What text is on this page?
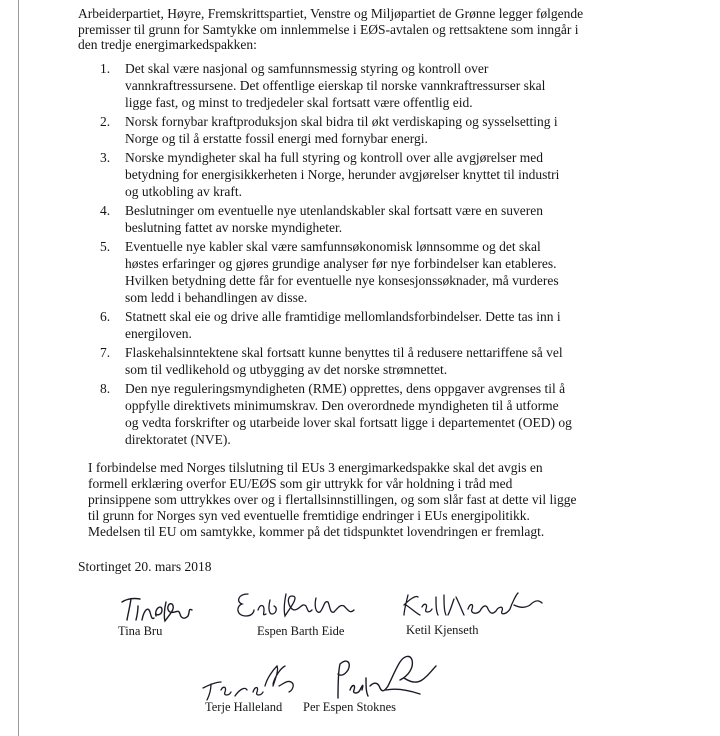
Arbeiderpartiet, Høyre, Fremskrittspartiet, Venstre og Miljøpartiet de Grønne legger følgende
premisser til grunn for Samtykke om innlemmelse i EØS-avtalen og rettsaktene som inngår i
den tredje energimarkedspakken:
1. Det skal være nasjonal og samfunnsmessig styring og kontroll over
vannkraftressursene. Det offentlige eierskap til norske vannkraftressurser skal
ligge fast, og minst to tredjedeler skal fortsatt være offentlig eid.
2. Norsk fornybar kraftproduksjon skal bidra til økt verdiskaping og sysselsetting i
Norge og til å erstatte fossil energi med fornybar energi.
3. Norske myndigheter skal ha full styring og kontroll over alle avgjørelser med
betydning for energisikkerheten i Norge, herunder avgjørelser knyttet til industri
og utkobling av kraft.
4. Beslutninger om eventuelle nye utenlandskabler skal fortsatt være en suveren
beslutning fattet av norske myndigheter.
5. Eventuelle nye kabler skal være samfunnsøkonomisk lønnsomme og det skal
høstes erfaringer og gjøres grundige analyser før nye forbindelser kan etableres.
Hvilken betydning dette får for eventuelle nye konsesjonssøknader, må vurderes
som ledd i behandlingen av disse.
6. Statnett skal eie og drive alle framtidige mellomlandsforbindelser. Dette tas inn i
energiloven.
7. Flaskehalsinntektene skal fortsatt kunne benyttes til å redusere nettariffene så vel
som til vedlikehold og utbygging av det norske strømnettet.
8. Den nye reguleringsmyndigheten (RME) opprettes, dens oppgaver avgrenses til å
oppfylle direktivets minimumskrav. Den overordnede myndigheten til å utforme
og vedta forskrifter og utarbeide lover skal fortsatt ligge i departementet (OED) og
direktoratet (NVE).
I forbindelse med Norges tilslutning til EUs 3 energimarkedspakke skal det avgis en
formell erklæring overfor EU/EØS som gir uttrykk for vår holdning i tråd med
prinsippene som uttrykkes over og i flertallsinnstillingen, og som slår fast at dette vil ligge
til grunn for Norges syn ved eventuelle fremtidige endringer i EUs energipolitikk.
Medelsen til EU om samtykke, kommer på det tidspunktet lovendringen er fremlagt.
Stortinget 20. mars 2018
Tina Bru	Espen Barth Eide	Ketil Kjenseth
Terje Halleland Per Espen Stoknes
